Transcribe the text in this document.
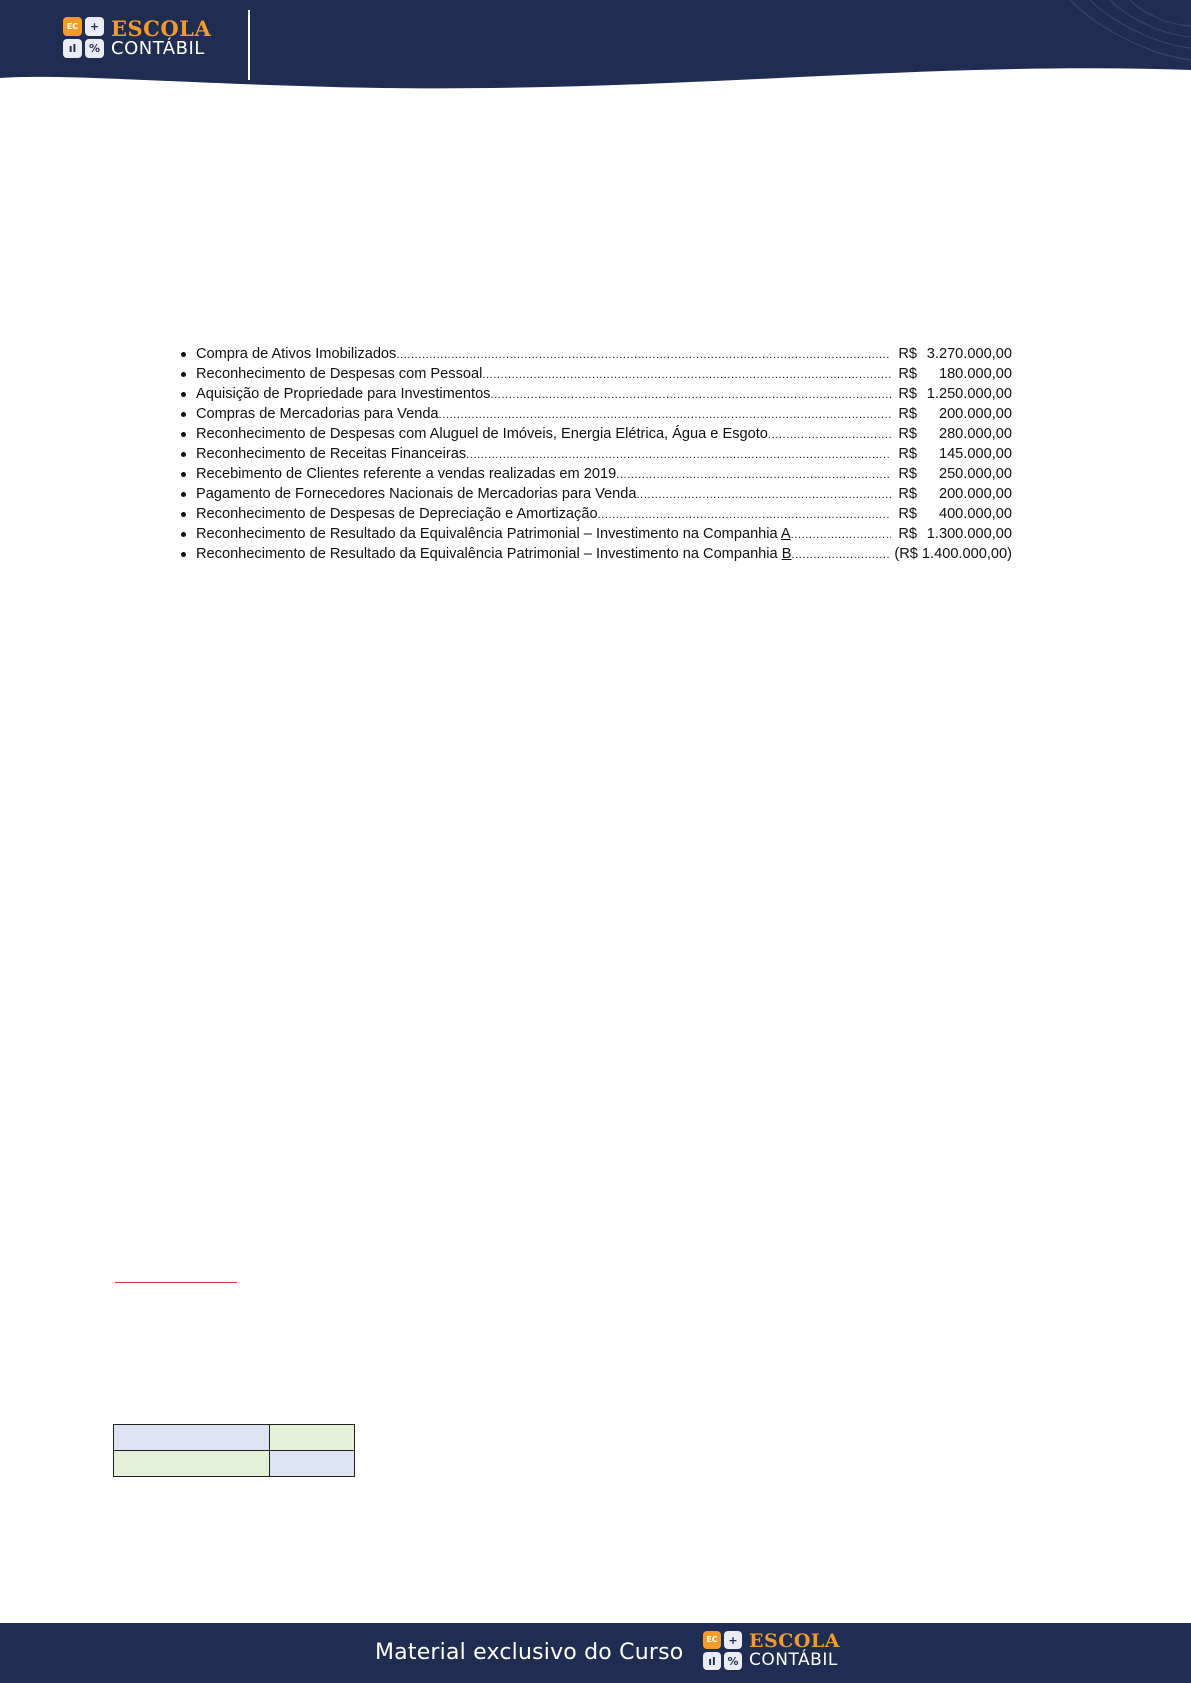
EC	+
ıl	%
ESCOLA
CONTÁBIL
Compra de Ativos Imobilizados .....	R$ 3.270.000,00
Reconhecimento de Despesas com Pessoal .....	R$	180.000,00
Aquisição de Propriedade para Investimentos .....	R$ 1.250.000,00
Compras de Mercadorias para Venda .....	R$	200.000,00
Reconhecimento de Despesas com Aluguel de Imóveis, Energia Elétrica, Água e Esgoto .....	R$	280.000,00
Reconhecimento de Receitas Financeiras .....	R$	145.000,00
Recebimento de Clientes referente a vendas realizadas em 2019 .....	R$	250.000,00
Pagamento de Fornecedores Nacionais de Mercadorias para Venda .....	R$	200.000,00
Reconhecimento de Despesas de Depreciação e Amortização .....	R$	400.000,00
Reconhecimento de Resultado da Equivalência Patrimonial – Investimento na Companhia A .....	R$ 1.300.000,00
Reconhecimento de Resultado da Equivalência Patrimonial – Investimento na Companhia B .....	(R$ 1.400.000,00)

Material exclusivo do Curso
EC +
ıl	%
ESCOLA
CONTÁBIL
